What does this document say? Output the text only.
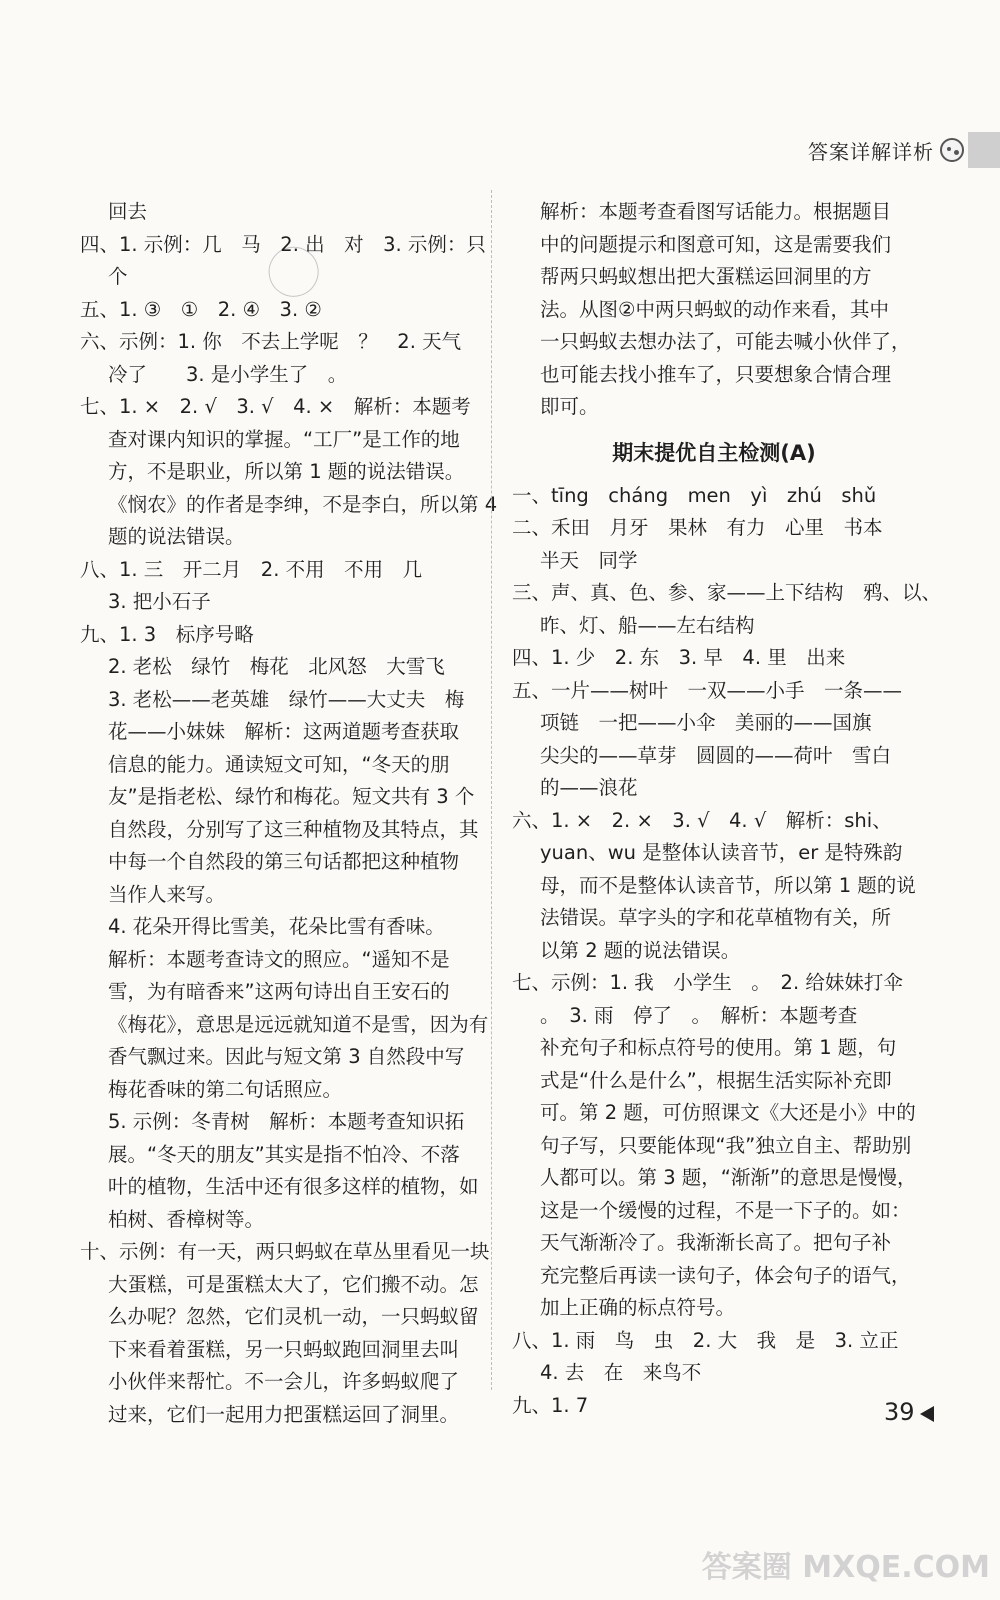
答案详解详析
回去
四、1. 示例：几　马　2. 出　对　3. 示例：只
个
五、1. ③　①　2. ④　3. ②
六、示例：1. 你　不去上学呢　？　2. 天气
冷了　　3. 是小学生了　。
七、1. ×　2. √　3. √　4. ×　解析：本题考
查对课内知识的掌握。“工厂”是工作的地
方，不是职业，所以第 1 题的说法错误。
《悯农》的作者是李绅，不是李白，所以第 4
题的说法错误。
八、1. 三　开二月　2. 不用　不用　几
3. 把小石子
九、1. 3　标序号略
2. 老松　绿竹　梅花　北风怒　大雪飞
3. 老松——老英雄　绿竹——大丈夫　梅
花——小妹妹　解析：这两道题考查获取
信息的能力。通读短文可知，“冬天的朋
友”是指老松、绿竹和梅花。短文共有 3 个
自然段，分别写了这三种植物及其特点，其
中每一个自然段的第三句话都把这种植物
当作人来写。
4. 花朵开得比雪美，花朵比雪有香味。
解析：本题考查诗文的照应。“遥知不是
雪，为有暗香来”这两句诗出自王安石的
《梅花》，意思是远远就知道不是雪，因为有
香气飘过来。因此与短文第 3 自然段中写
梅花香味的第二句话照应。
5. 示例：冬青树　解析：本题考查知识拓
展。“冬天的朋友”其实是指不怕冷、不落
叶的植物，生活中还有很多这样的植物，如
柏树、香樟树等。
十、示例：有一天，两只蚂蚁在草丛里看见一块
大蛋糕，可是蛋糕太大了，它们搬不动。怎
么办呢？忽然，它们灵机一动，一只蚂蚁留
下来看着蛋糕，另一只蚂蚁跑回洞里去叫
小伙伴来帮忙。不一会儿，许多蚂蚁爬了
过来，它们一起用力把蛋糕运回了洞里。
解析：本题考查看图写话能力。根据题目
中的问题提示和图意可知，这是需要我们
帮两只蚂蚁想出把大蛋糕运回洞里的方
法。从图②中两只蚂蚁的动作来看，其中
一只蚂蚁去想办法了，可能去喊小伙伴了，
也可能去找小推车了，只要想象合情合理
即可。
期末提优自主检测(A)
一、tīng　cháng　men　yì　zhú　shǔ
二、禾田　月牙　果林　有力　心里　书本
半天　同学
三、声、真、色、参、家——上下结构　鸦、以、
昨、灯、船——左右结构
四、1. 少　2. 东　3. 早　4. 里　出来
五、一片——树叶　一双——小手　一条——
项链　一把——小伞　美丽的——国旗
尖尖的——草芽　圆圆的——荷叶　雪白
的——浪花
六、1. ×　2. ×　3. √　4. √　解析：shi、
yuan、wu 是整体认读音节，er 是特殊韵
母，而不是整体认读音节，所以第 1 题的说
法错误。草字头的字和花草植物有关，所
以第 2 题的说法错误。
七、示例：1. 我　小学生　。　2. 给妹妹打伞
。　3. 雨　停了　。　解析：本题考查
补充句子和标点符号的使用。第 1 题，句
式是“什么是什么”，根据生活实际补充即
可。第 2 题，可仿照课文《大还是小》中的
句子写，只要能体现“我”独立自主、帮助别
人都可以。第 3 题，“渐渐”的意思是慢慢，
这是一个缓慢的过程，不是一下子的。如：
天气渐渐冷了。我渐渐长高了。把句子补
充完整后再读一读句子，体会句子的语气，
加上正确的标点符号。
八、1. 雨　鸟　虫　2. 大　我　是　3. 立正
4. 去　在　来鸟不
九、1. 7	39
答案圈 MXQE.COM
